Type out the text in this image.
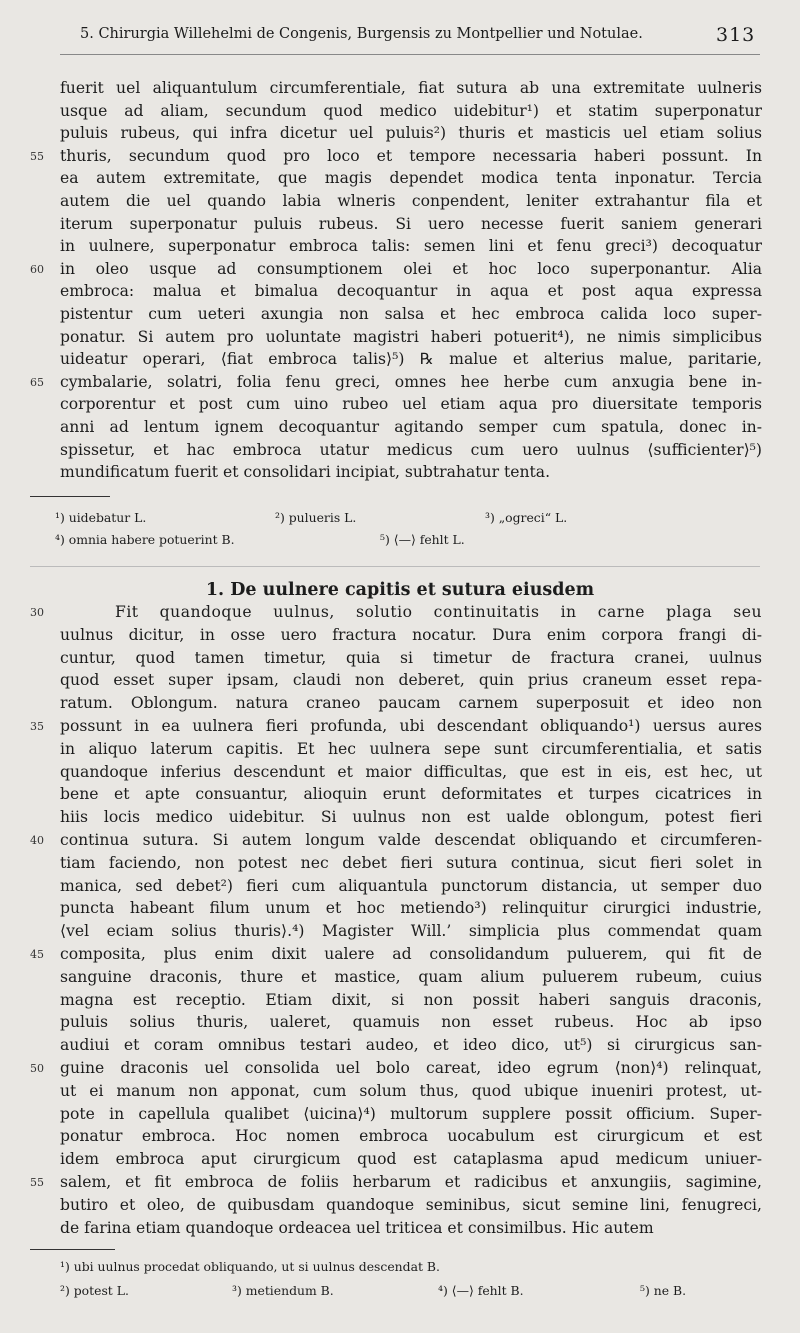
5. Chirurgia Willehelmi de Congenis, Burgensis zu Montpellier und Notulae.	313
fuerit uel aliquantulum circumferentiale, fiat sutura ab una extremitate uulneris
usque ad aliam, secundum quod medico uidebitur¹) et statim superponatur
puluis rubeus, qui infra dicetur uel puluis²) thuris et masticis uel etiam solius
thuris, secundum quod pro loco et tempore necessaria haberi possunt. In
ea autem extremitate, que magis dependet modica tenta inponatur. Tercia
autem die uel quando labia wlneris conpendent, leniter extrahantur fila et
iterum superponatur puluis rubeus. Si uero necesse fuerit saniem generari
in uulnere, superponatur embroca talis: semen lini et fenu greci³) decoquatur
in oleo usque ad consumptionem olei et hoc loco superponantur. Alia
embroca: malua et bimalua decoquantur in aqua et post aqua expressa
pistentur cum ueteri axungia non salsa et hec embroca calida loco super-
ponatur. Si autem pro uoluntate magistri haberi potuerit⁴), ne nimis simplicibus
uideatur operari, ⟨fiat embroca talis⟩⁵) ℞ malue et alterius malue, paritarie,
cymbalarie, solatri, folia fenu greci, omnes hee herbe cum anxugia bene in-
corporentur et post cum uino rubeo uel etiam aqua pro diuersitate temporis
anni ad lentum ignem decoquantur agitando semper cum spatula, donec in-
spissetur, et hac embroca utatur medicus cum uero uulnus ⟨sufficienter⟩⁵)
mundificatum fuerit et consolidari incipiat, subtrahatur tenta.
55
60
65
¹) uidebatur L.	²) pulueris L.	³) „ogreci“ L.
⁴) omnia habere potuerint B.	⁵) ⟨—⟩ fehlt L.
1. De uulnere capitis et sutura eiusdem
Fit quandoque uulnus, solutio continuitatis in carne plaga seu
uulnus dicitur, in osse uero fractura nocatur. Dura enim corpora frangi di-
cuntur, quod tamen timetur, quia si timetur de fractura cranei, uulnus
quod esset super ipsam, claudi non deberet, quin prius craneum esset repa-
ratum. Oblongum. natura craneo paucam carnem superposuit et ideo non
possunt in ea uulnera fieri profunda, ubi descendant obliquando¹) uersus aures
in aliquo laterum capitis. Et hec uulnera sepe sunt circumferentialia, et satis
quandoque inferius descendunt et maior difficultas, que est in eis, est hec, ut
bene et apte consuantur, alioquin erunt deformitates et turpes cicatrices in
hiis locis medico uidebitur. Si uulnus non est ualde oblongum, potest fieri
continua sutura. Si autem longum valde descendat obliquando et circumferen-
tiam faciendo, non potest nec debet fieri sutura continua, sicut fieri solet in
manica, sed debet²) fieri cum aliquantula punctorum distancia, ut semper duo
puncta habeant filum unum et hoc metiendo³) relinquitur cirurgici industrie,
⟨vel eciam solius thuris⟩.⁴) Magister Will.’ simplicia plus commendat quam
composita, plus enim dixit ualere ad consolidandum puluerem, qui fit de
sanguine draconis, thure et mastice, quam alium puluerem rubeum, cuius
magna est receptio. Etiam dixit, si non possit haberi sanguis draconis,
puluis solius thuris, ualeret, quamuis non esset rubeus. Hoc ab ipso
audiui et coram omnibus testari audeo, et ideo dico, ut⁵) si cirurgicus san-
guine draconis uel consolida uel bolo careat, ideo egrum ⟨non⟩⁴) relinquat,
ut ei manum non apponat, cum solum thus, quod ubique inueniri protest, ut-
pote in capellula qualibet ⟨uicina⟩⁴) multorum supplere possit officium. Super-
ponatur embroca. Hoc nomen embroca uocabulum est cirurgicum et est
idem embroca aput cirurgicum quod est cataplasma apud medicum uniuer-
salem, et fit embroca de foliis herbarum et radicibus et anxungiis, sagimine,
butiro et oleo, de quibusdam quandoque seminibus, sicut semine lini, fenugreci,
de farina etiam quandoque ordeacea uel triticea et consimilbus. Hic autem
30
35
40
45
50
55
¹) ubi uulnus procedat obliquando, ut si uulnus descendat B.
²) potest L.	³) metiendum B.	⁴) ⟨—⟩ fehlt B.	⁵) ne B.
